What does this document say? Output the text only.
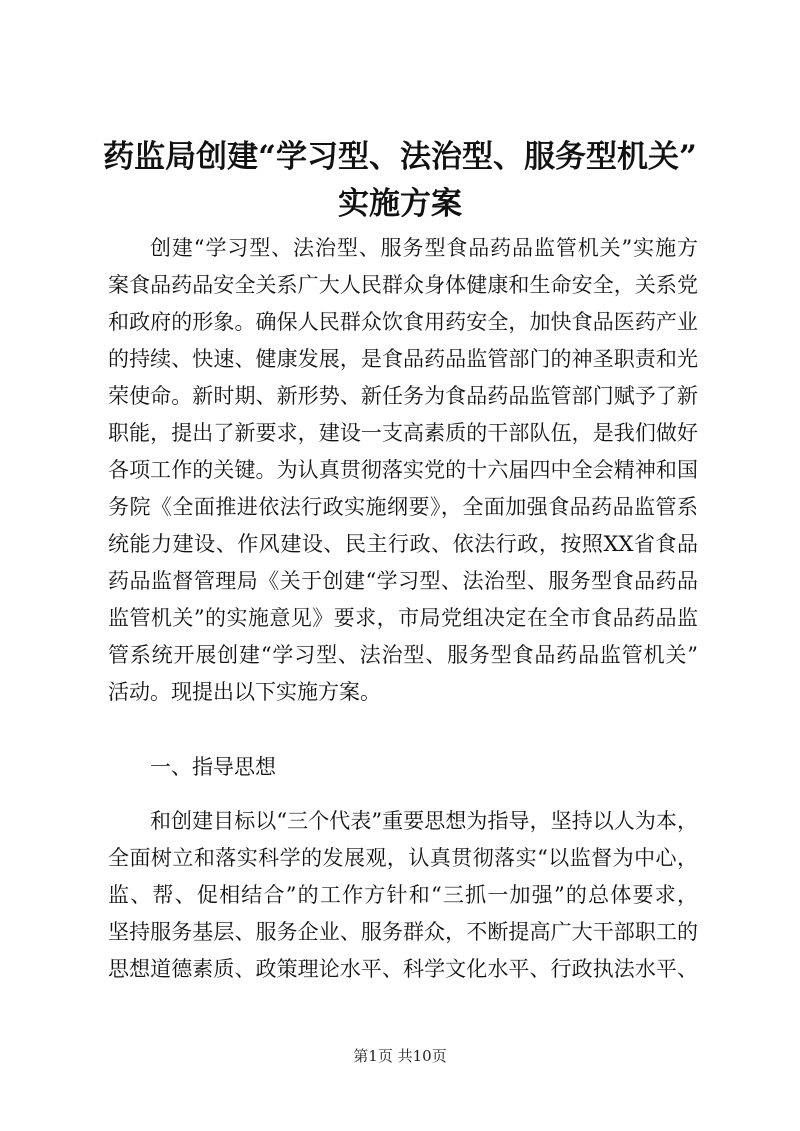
药监局创建“学习型、法治型、服务型机关”
实施方案
创建“学习型、法治型、服务型食品药品监管机关”实施方
案食品药品安全关系广大人民群众身体健康和生命安全，关系党
和政府的形象。确保人民群众饮食用药安全，加快食品医药产业
的持续、快速、健康发展，是食品药品监管部门的神圣职责和光
荣使命。新时期、新形势、新任务为食品药品监管部门赋予了新
职能，提出了新要求，建设一支高素质的干部队伍，是我们做好
各项工作的关键。为认真贯彻落实党的十六届四中全会精神和国
务院《全面推进依法行政实施纲要》，全面加强食品药品监管系
统能力建设、作风建设、民主行政、依法行政，按照XX省食品
药品监督管理局《关于创建“学习型、法治型、服务型食品药品
监管机关”的实施意见》要求，市局党组决定在全市食品药品监
管系统开展创建“学习型、法治型、服务型食品药品监管机关”
活动。现提出以下实施方案。
一、指导思想
和创建目标以“三个代表”重要思想为指导，坚持以人为本，
全面树立和落实科学的发展观，认真贯彻落实“以监督为中心，
监、帮、促相结合”的工作方针和“三抓一加强”的总体要求，
坚持服务基层、服务企业、服务群众，不断提高广大干部职工的
思想道德素质、政策理论水平、科学文化水平、行政执法水平、
第1页 共10页
